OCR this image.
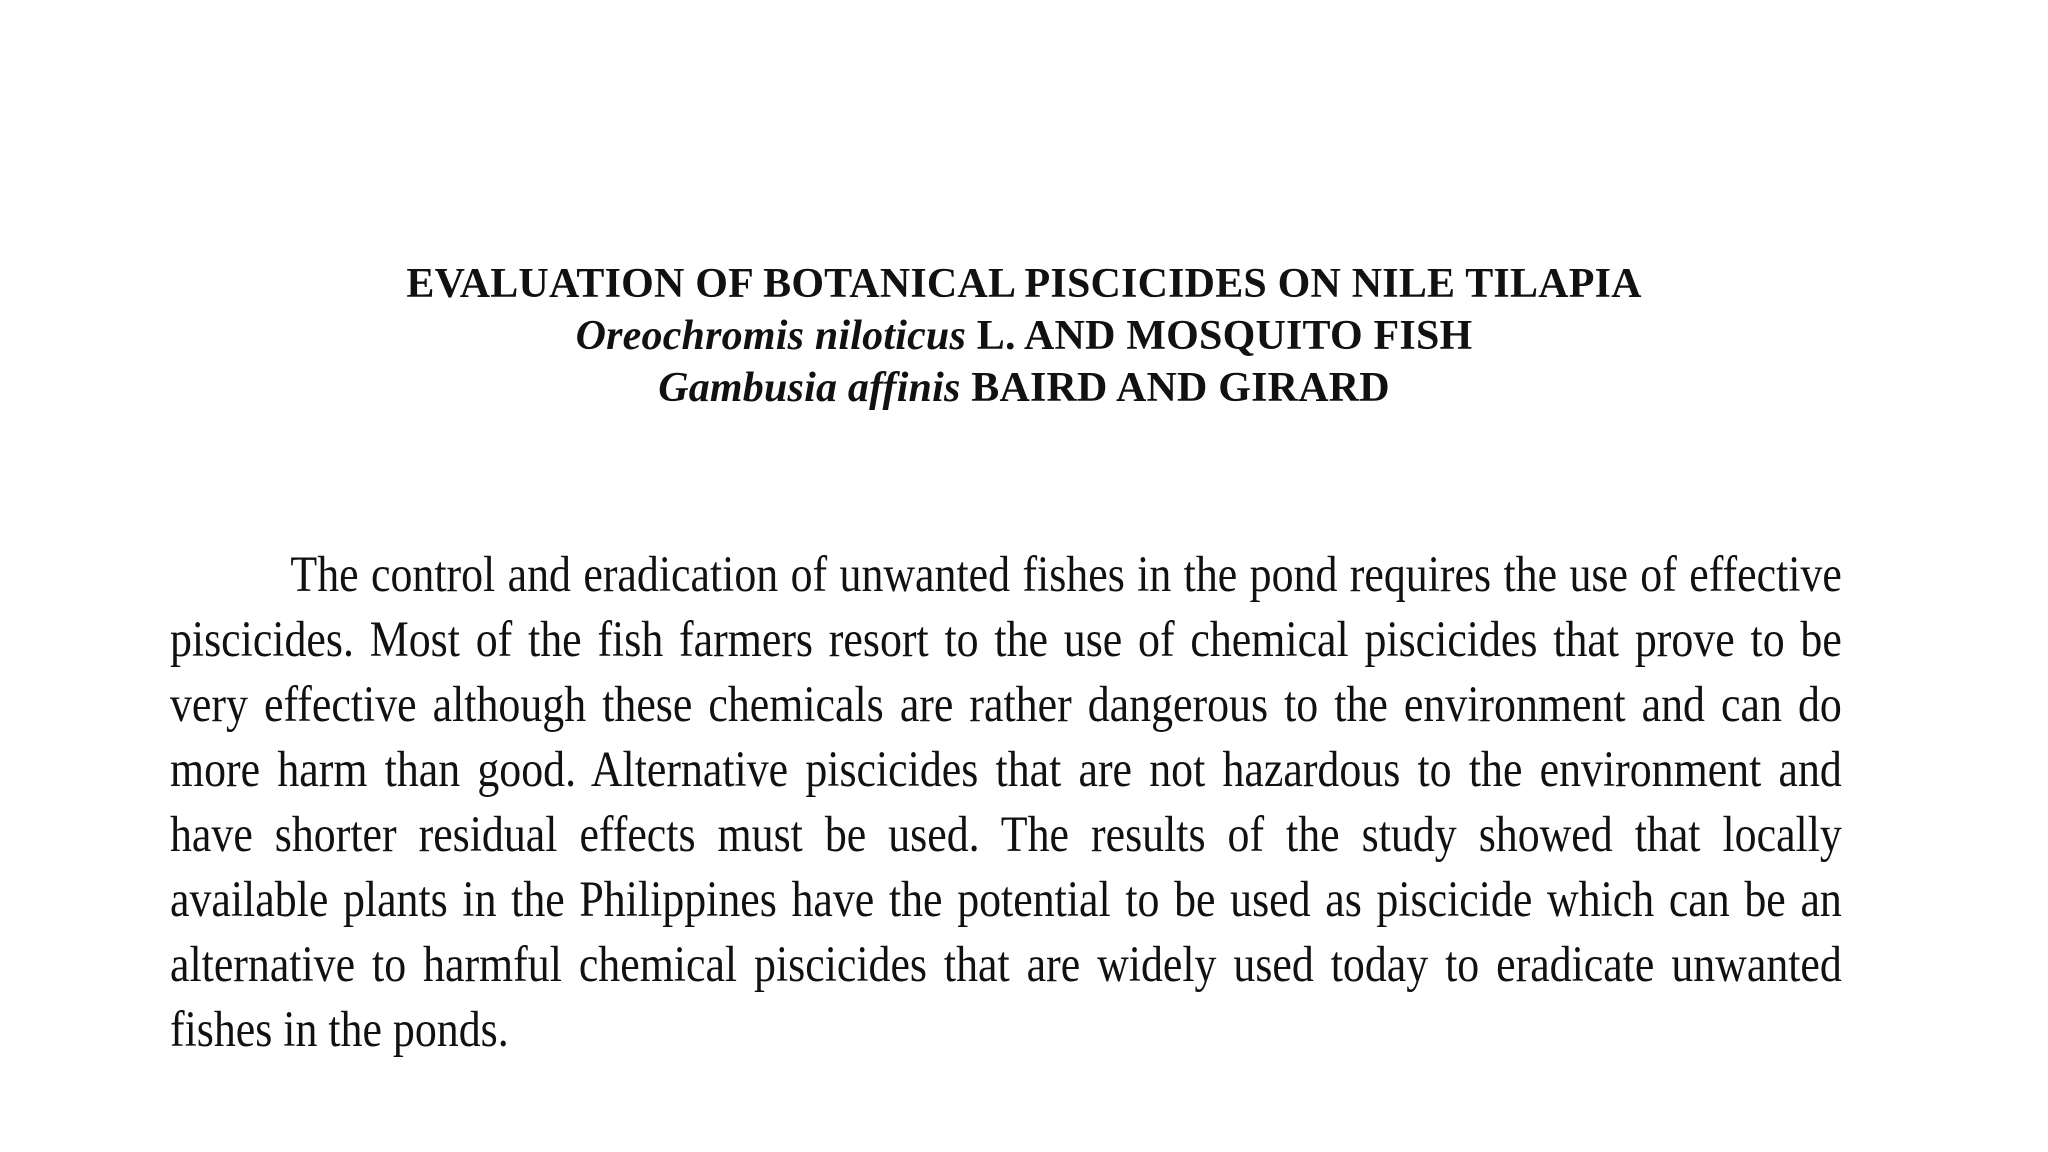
EVALUATION OF BOTANICAL PISCICIDES ON NILE TILAPIA
Oreochromis niloticus L. AND MOSQUITO FISH
Gambusia affinis BAIRD AND GIRARD

The control and eradication of unwanted fishes in the pond requires the use of effective piscicides. Most of the fish farmers resort to the use of chemical piscicides that prove to be very effective although these chemicals are rather dangerous to the environment and can do more harm than good. Alternative piscicides that are not hazardous to the environment and have shorter residual effects must be used. The results of the study showed that locally available plants in the Philippines have the potential to be used as piscicide which can be an alternative to harmful chemical piscicides that are widely used today to eradicate unwanted fishes in the ponds.
